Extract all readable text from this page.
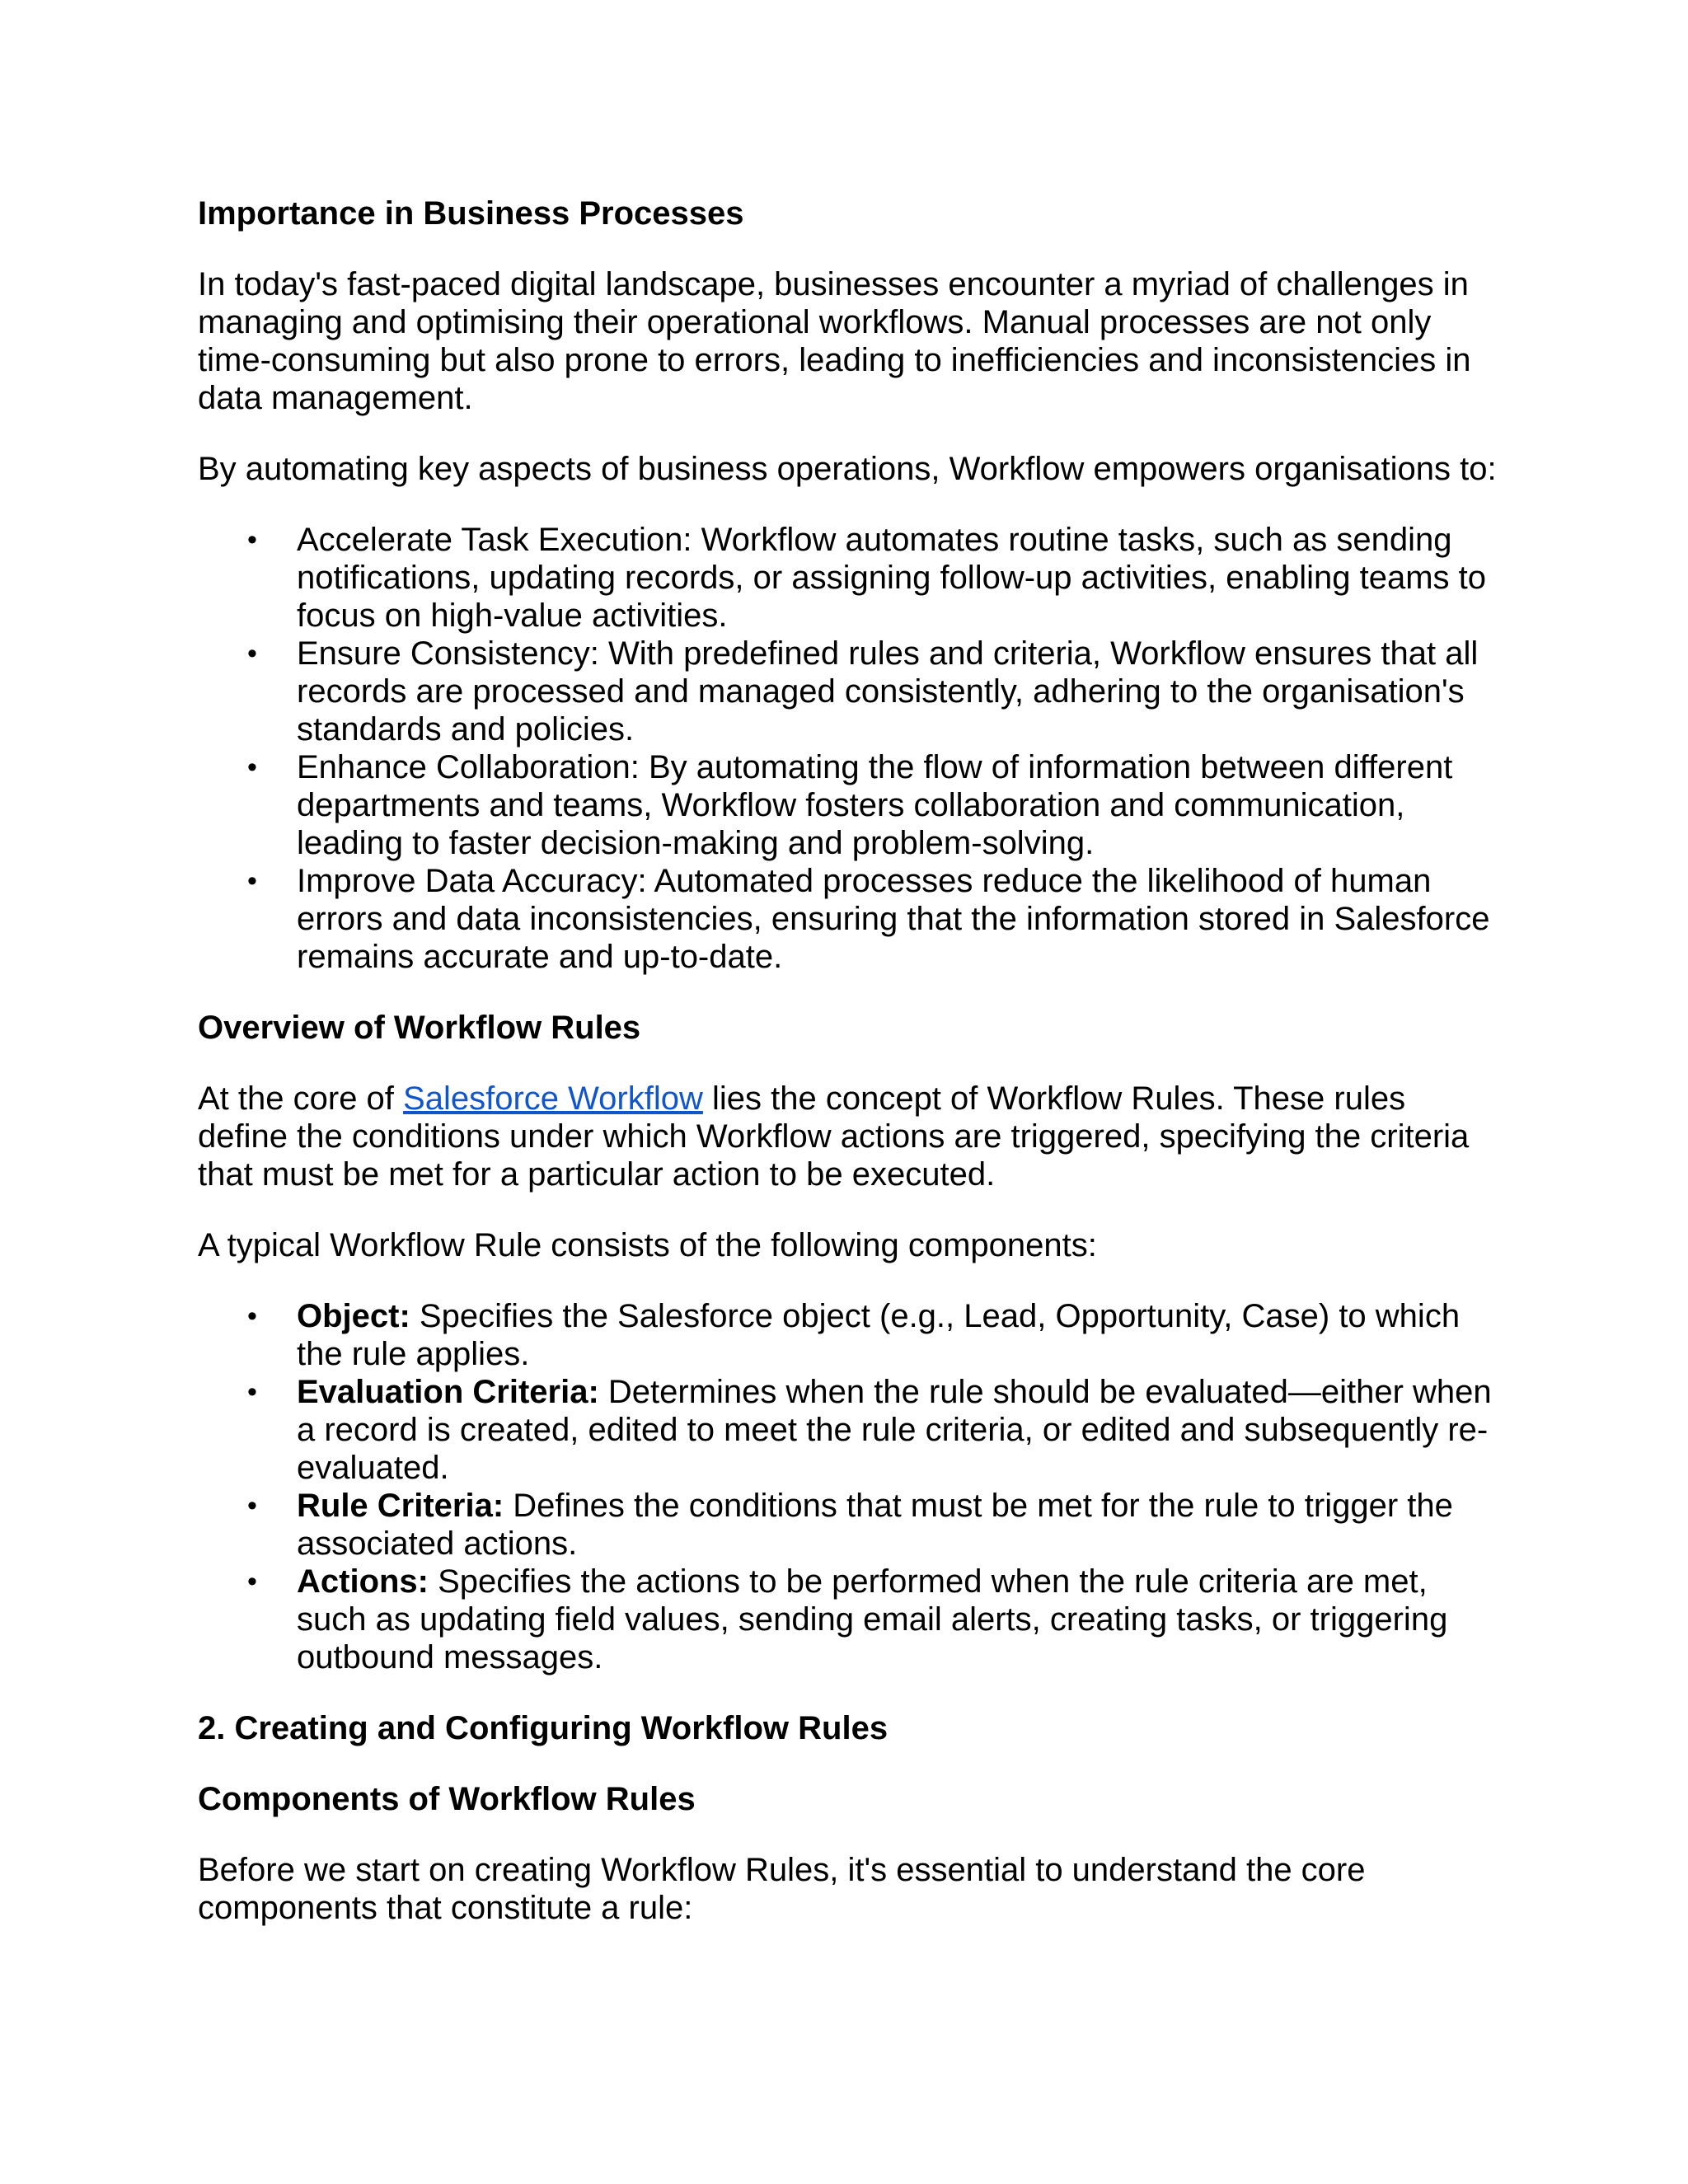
Importance in Business Processes

In today's fast-paced digital landscape, businesses encounter a myriad of challenges in managing and optimising their operational workflows. Manual processes are not only time-consuming but also prone to errors, leading to inefficiencies and inconsistencies in data management.

By automating key aspects of business operations, Workflow empowers organisations to:

• Accelerate Task Execution: Workflow automates routine tasks, such as sending notifications, updating records, or assigning follow-up activities, enabling teams to focus on high-value activities.
• Ensure Consistency: With predefined rules and criteria, Workflow ensures that all records are processed and managed consistently, adhering to the organisation's standards and policies.
• Enhance Collaboration: By automating the flow of information between different departments and teams, Workflow fosters collaboration and communication, leading to faster decision-making and problem-solving.
• Improve Data Accuracy: Automated processes reduce the likelihood of human errors and data inconsistencies, ensuring that the information stored in Salesforce remains accurate and up-to-date.
Overview of Workflow Rules

At the core of Salesforce Workflow lies the concept of Workflow Rules. These rules define the conditions under which Workflow actions are triggered, specifying the criteria that must be met for a particular action to be executed.

A typical Workflow Rule consists of the following components:

• Object: Specifies the Salesforce object (e.g., Lead, Opportunity, Case) to which the rule applies.
• Evaluation Criteria: Determines when the rule should be evaluated—either when a record is created, edited to meet the rule criteria, or edited and subsequently re-evaluated.
• Rule Criteria: Defines the conditions that must be met for the rule to trigger the associated actions.
• Actions: Specifies the actions to be performed when the rule criteria are met, such as updating field values, sending email alerts, creating tasks, or triggering outbound messages.
2. Creating and Configuring Workflow Rules
Components of Workflow Rules

Before we start on creating Workflow Rules, it's essential to understand the core components that constitute a rule:
